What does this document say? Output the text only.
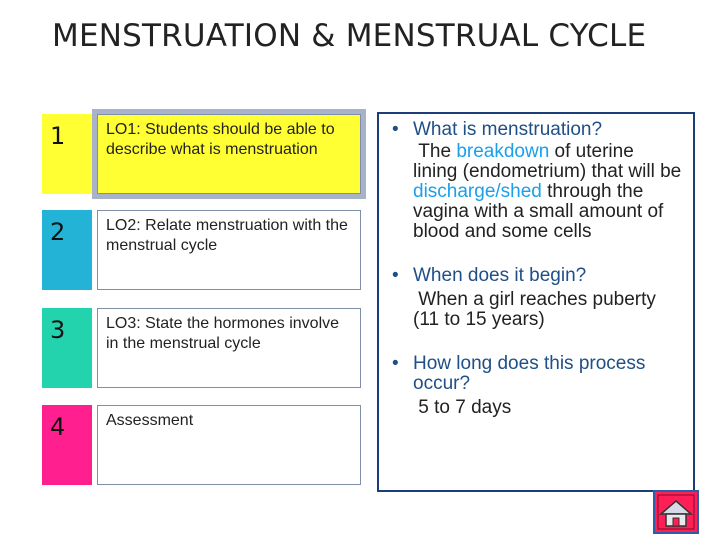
MENSTRUATION & MENSTRUAL CYCLE
1	LO1: Students should be able to describe what is menstruation
2	LO2: Relate menstruation with the menstrual cycle
3	LO3: State the hormones involve in the menstrual cycle
4	Assessment
• What is menstruation?
The breakdown of uterine lining (endometrium) that will be discharge/shed through the vagina with a small amount of blood and some cells
• When does it begin?
When a girl reaches puberty (11 to 15 years)
• How long does this process occur?
5 to 7 days
